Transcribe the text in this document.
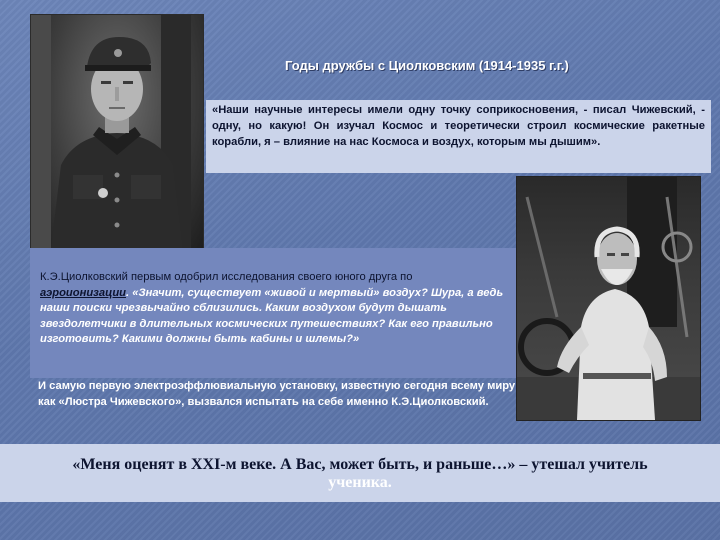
Годы дружбы с Циолковским (1914-1935 г.г.)
«Наши научные интересы имели одну точку соприкосновения, - писал Чижевский, - одну, но какую! Он изучал Космос и теоретически строил космические ракетные корабли, я – влияние на нас Космоса и воздух, которым мы дышим».
К.Э.Циолковский первым одобрил исследования своего юного друга по аэроионизации. «Значит, существует «живой и мертвый» воздух? Шура, а ведь наши поиски чрезвычайно сблизились. Каким воздухом будут дышать звездолетчики в длительных космических путешествиях? Как его правильно изготовить? Какими должны быть кабины и шлемы?»
И самую первую электроэффлювиальную установку, известную сегодня всему миру как «Люстра Чижевского», вызвался испытать на себе именно К.Э.Циолковский.
«Меня оценят в XXI-м веке. А Вас, может быть, и раньше…» – утешал учитель
ученика.
